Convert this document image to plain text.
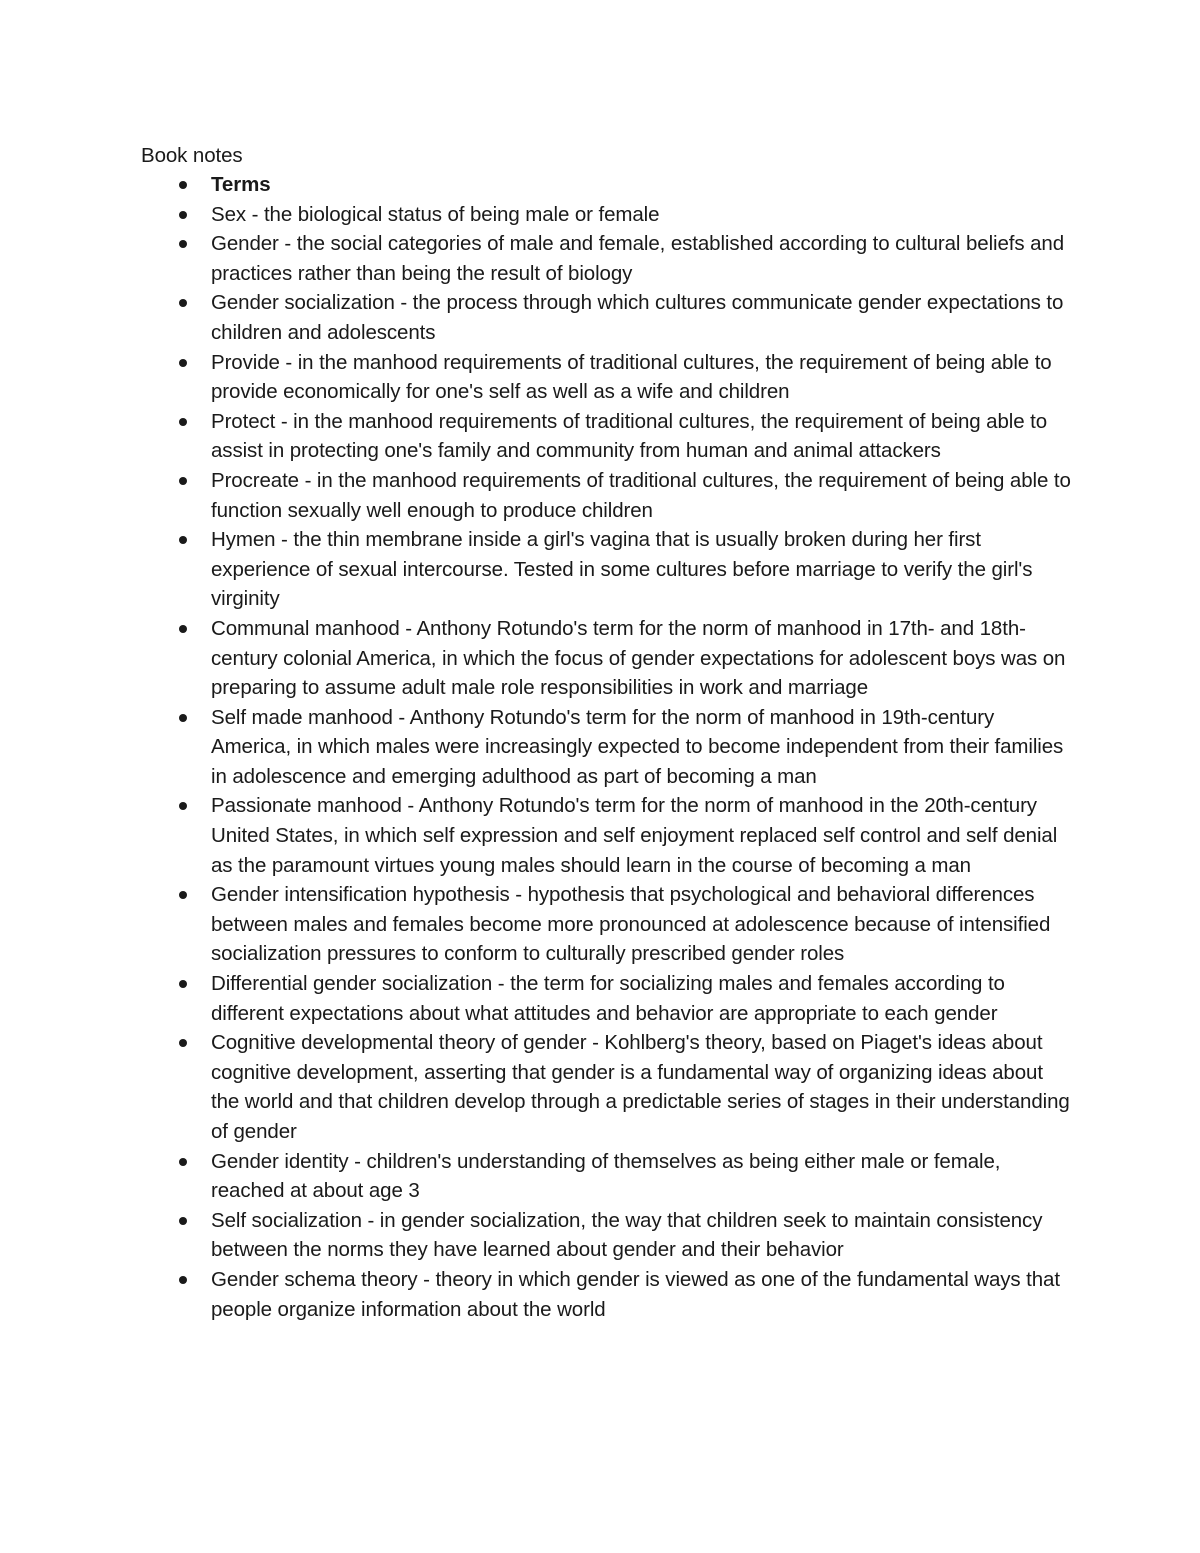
Book notes
Terms
Sex - the biological status of being male or female
Gender - the social categories of male and female, established according to cultural beliefs and practices rather than being the result of biology
Gender socialization - the process through which cultures communicate gender expectations to children and adolescents
Provide - in the manhood requirements of traditional cultures, the requirement of being able to provide economically for one's self as well as a wife and children
Protect - in the manhood requirements of traditional cultures, the requirement of being able to assist in protecting one's family and community from human and animal attackers
Procreate - in the manhood requirements of traditional cultures, the requirement of being able to function sexually well enough to produce children
Hymen - the thin membrane inside a girl's vagina that is usually broken during her first experience of sexual intercourse. Tested in some cultures before marriage to verify the girl's virginity
Communal manhood - Anthony Rotundo's term for the norm of manhood in 17th- and 18th-century colonial America, in which the focus of gender expectations for adolescent boys was on preparing to assume adult male role responsibilities in work and marriage
Self made manhood - Anthony Rotundo's term for the norm of manhood in 19th-century America, in which males were increasingly expected to become independent from their families in adolescence and emerging adulthood as part of becoming a man
Passionate manhood - Anthony Rotundo's term for the norm of manhood in the 20th-century United States, in which self expression and self enjoyment replaced self control and self denial as the paramount virtues young males should learn in the course of becoming a man
Gender intensification hypothesis - hypothesis that psychological and behavioral differences between males and females become more pronounced at adolescence because of intensified socialization pressures to conform to culturally prescribed gender roles
Differential gender socialization - the term for socializing males and females according to different expectations about what attitudes and behavior are appropriate to each gender
Cognitive developmental theory of gender - Kohlberg's theory, based on Piaget's ideas about cognitive development, asserting that gender is a fundamental way of organizing ideas about the world and that children develop through a predictable series of stages in their understanding of gender
Gender identity - children's understanding of themselves as being either male or female, reached at about age 3
Self socialization - in gender socialization, the way that children seek to maintain consistency between the norms they have learned about gender and their behavior
Gender schema theory - theory in which gender is viewed as one of the fundamental ways that people organize information about the world
